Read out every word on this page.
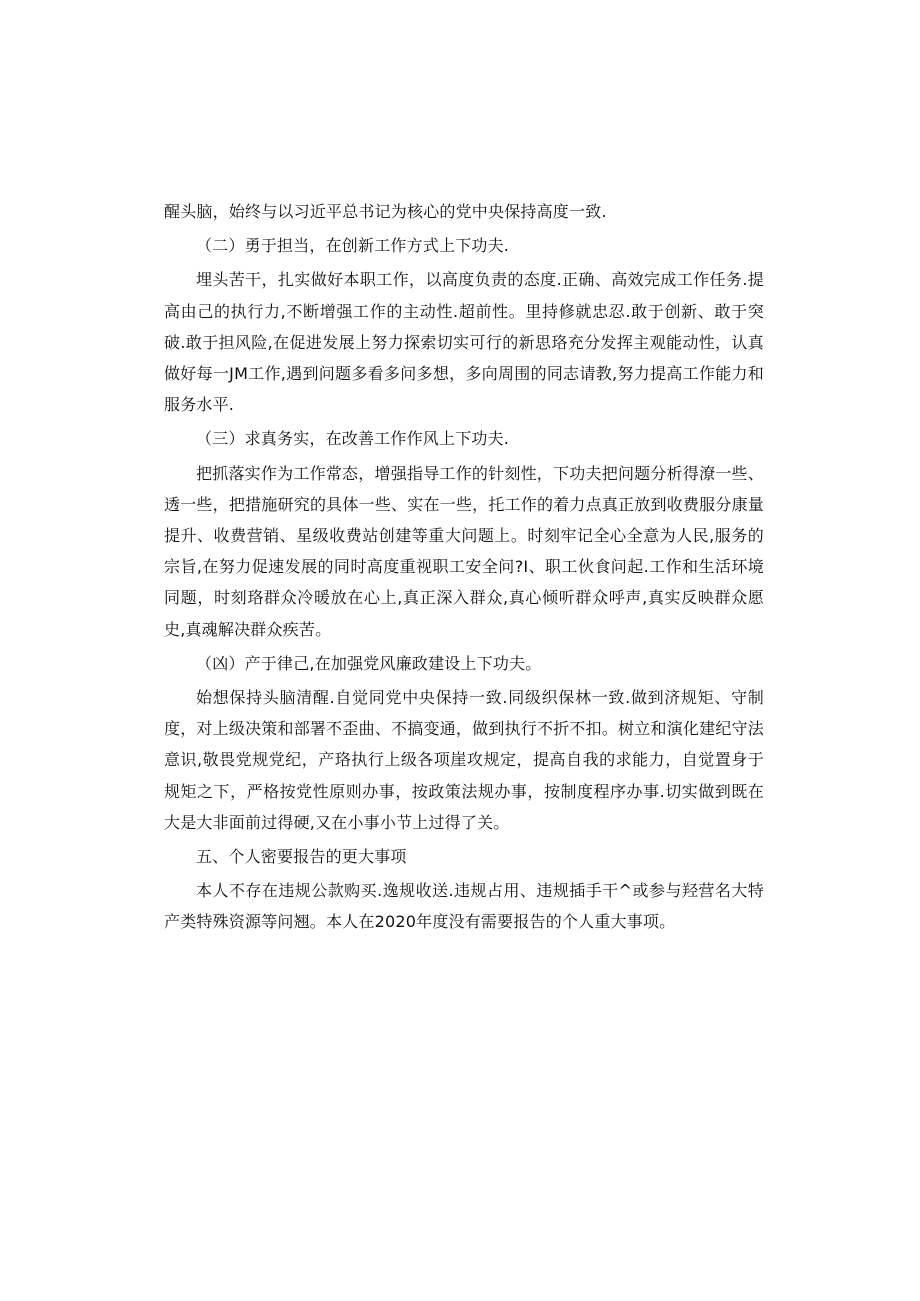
醒头脑，始终与以习近平总书记为核心的党中央保持高度一致.

（二）勇于担当，在创新工作方式上下功夫.

埋头苦干，扎实做好本职工作，以高度负责的态度.正确、高效完成工作任务.提高由己的执行力,不断增强工作的主动性.超前性。里持修就忠忍.敢于创新、敢于突破.敢于担风险,在促进发展上努力探索切实可行的新思珞充分发挥主观能动性，认真做好每一JM工作,遇到问题多看多问多想，多向周围的同志请教,努力提高工作能力和服务水平.

（三）求真务实，在改善工作作风上下功夫.

把抓落实作为工作常态，增强指导工作的针刻性，下功夫把问题分析得潦一些、透一些，把措施研究的具体一些、实在一些，托工作的着力点真正放到收费服分康量提升、收费营销、星级收费站创建等重大问题上。时刻牢记全心全意为人民,服务的宗旨,在努力促速发展的同时高度重视职工安全问?I、职工伙食问起.工作和生活环境同题，时刻珞群众冷暖放在心上,真正深入群众,真心倾听群众呼声,真实反映群众愿史,真魂解决群众疾苦。

（凶）产于律己,在加强党风廉政建设上下功夫。

始想保持头脑清醒.自觉同党中央保持一致.同级织保林一致.做到济规矩、守制度，对上级决策和部署不歪曲、不搞变通，做到执行不折不扣。树立和演化建纪守法意识,敬畏党规党纪，产珞执行上级各项崖攻规定，提高自我的求能力，自觉置身于规矩之下，严格按党性原则办事，按政策法规办事，按制度程序办事.切实做到既在大是大非面前过得硬,又在小事小节上过得了关。

五、个人密要报告的更大事项

本人不存在违规公款购买.逸规收送.违规占用、违规插手干^或参与羟营名大特产类特殊资源等问翘。本人在2020年度没有需要报告的个人重大事项。
